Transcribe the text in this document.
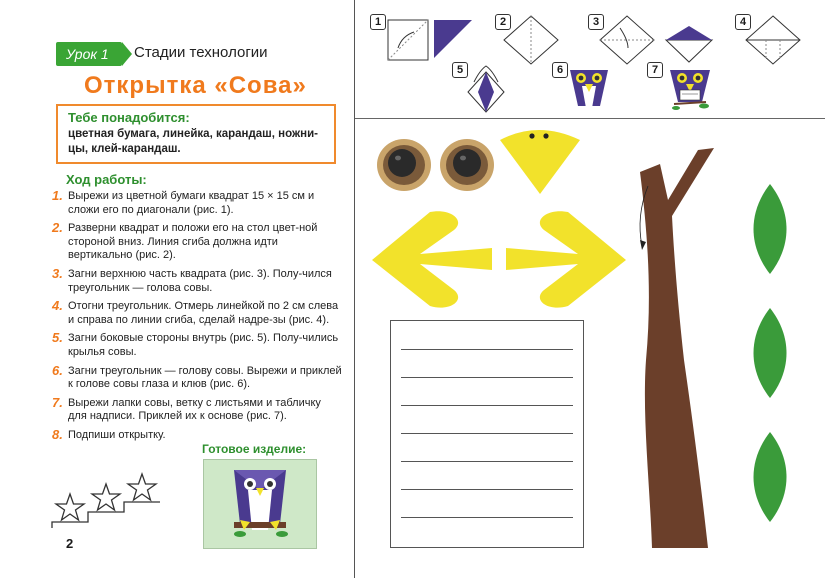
Урок 1	Стадии технологии
Открытка «Сова»
Тебе понадобится:
цветная бумага, линейка, карандаш, ножни-цы, клей-карандаш.
Ход работы:
1. Вырежи из цветной бумаги квадрат 15 × 15 см и сложи его по диагонали (рис. 1).
2. Разверни квадрат и положи его на стол цвет-ной стороной вниз. Линия сгиба должна идти вертикально (рис. 2).
3. Загни верхнюю часть квадрата (рис. 3). Полу-чился треугольник — голова совы.
4. Отогни треугольник. Отмерь линейкой по 2 см слева и справа по линии сгиба, сделай надре-зы (рис. 4).
5. Загни боковые стороны внутрь (рис. 5). Полу-чились крылья совы.
6. Загни треугольник — голову совы. Вырежи и приклей к голове совы глаза и клюв (рис. 6).
7. Вырежи лапки совы, ветку с листьями и табличку для надписи. Приклей их к основе (рис. 7).
8. Подпиши открытку.
Готовое изделие:
2
1	2	3	4
5	6	7
